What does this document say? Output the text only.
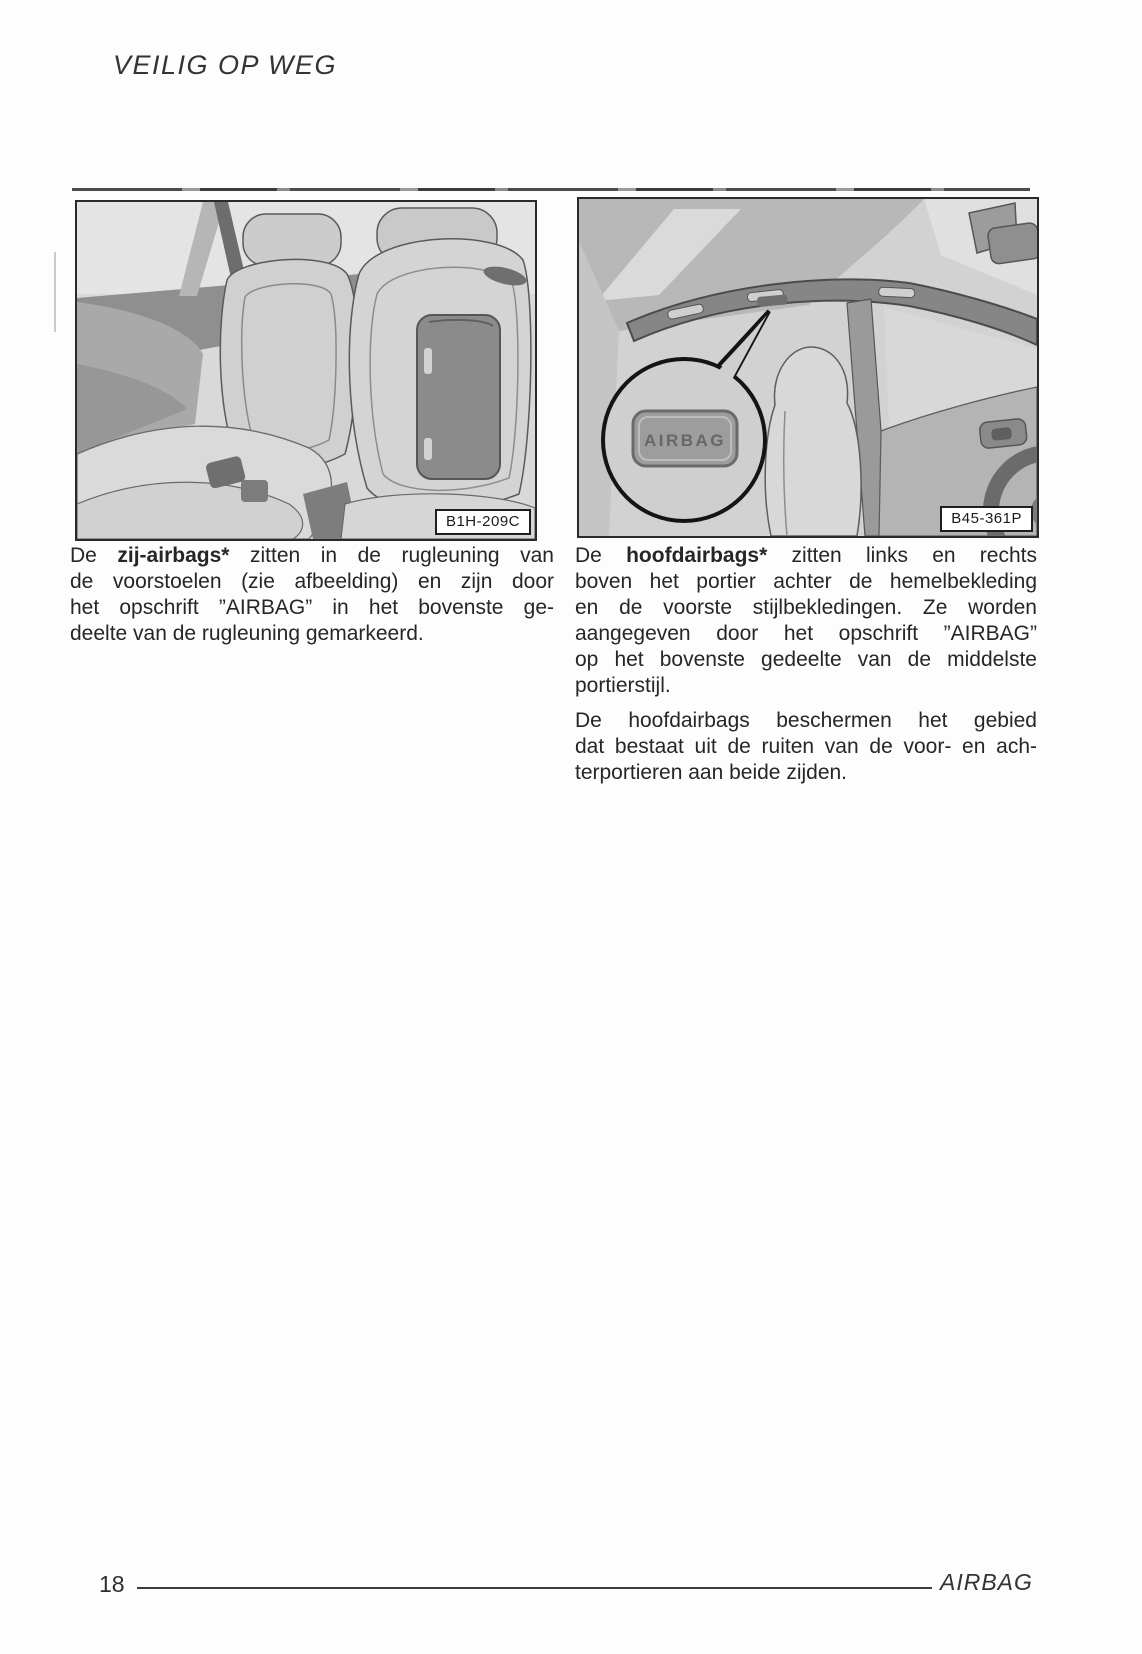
VEILIG OP WEG
B1H-209C
AIRBAG
B45-361P
De zij-airbags* zitten in de rugleuning van
de voorstoelen (zie afbeelding) en zijn door
het opschrift ”AIRBAG” in het bovenste ge-
deelte van de rugleuning gemarkeerd.
De hoofdairbags* zitten links en rechts
boven het portier achter de hemelbekleding
en de voorste stijlbekledingen. Ze worden
aangegeven door het opschrift ”AIRBAG”
op het bovenste gedeelte van de middelste
portierstijl.
De hoofdairbags beschermen het gebied
dat bestaat uit de ruiten van de voor- en ach-
terportieren aan beide zijden.
18	AIRBAG
